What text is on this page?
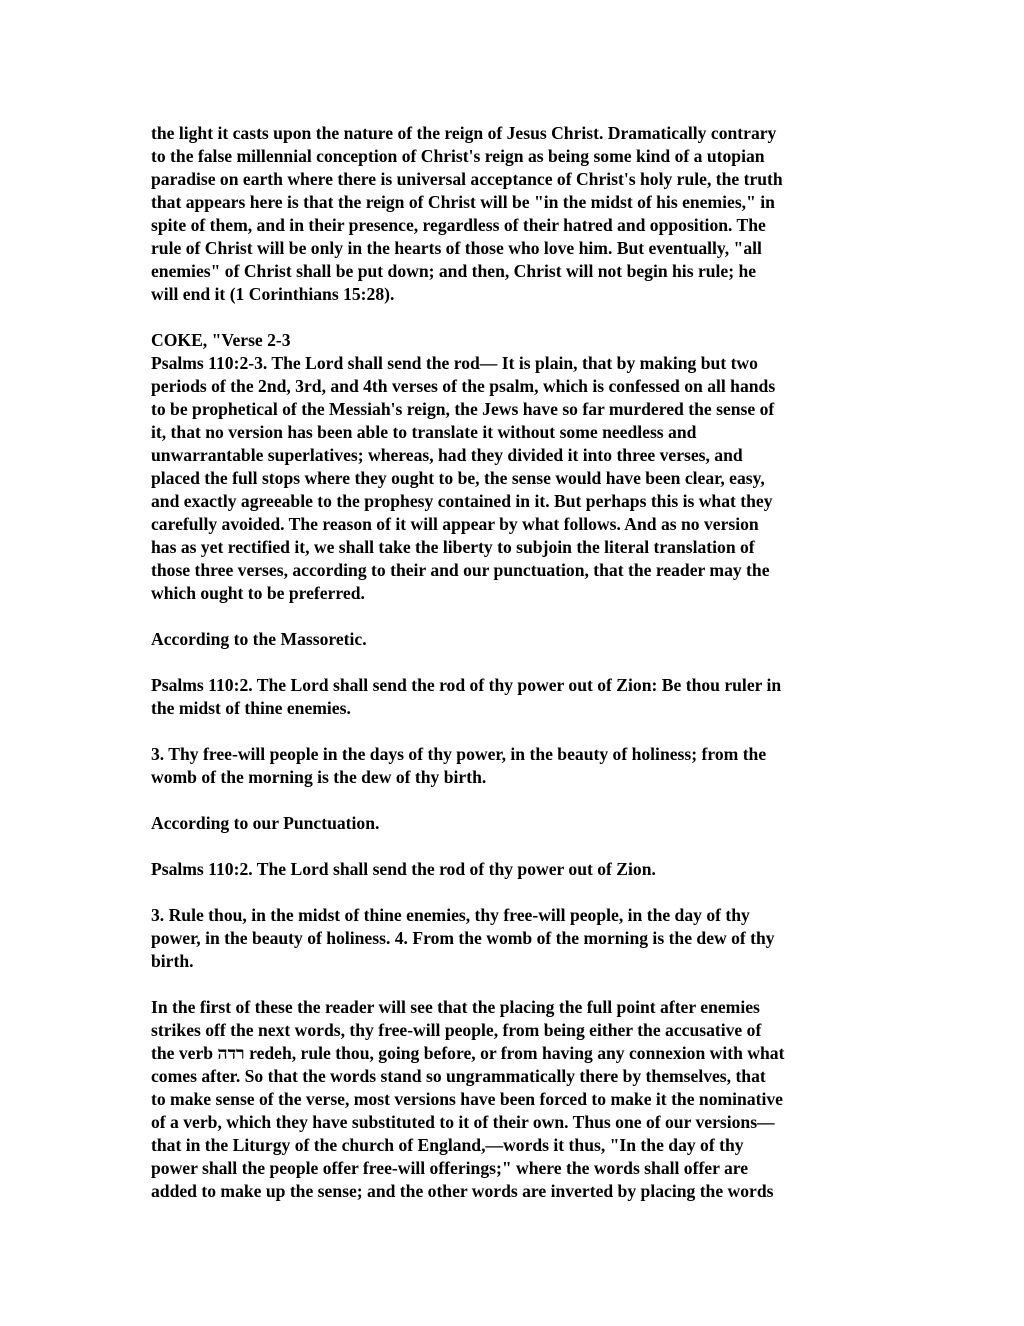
the light it casts upon the nature of the reign of Jesus Christ. Dramatically contrary
to the false millennial conception of Christ's reign as being some kind of a utopian
paradise on earth where there is universal acceptance of Christ's holy rule, the truth
that appears here is that the reign of Christ will be "in the midst of his enemies," in
spite of them, and in their presence, regardless of their hatred and opposition. The
rule of Christ will be only in the hearts of those who love him. But eventually, "all
enemies" of Christ shall be put down; and then, Christ will not begin his rule; he
will end it (1 Corinthians 15:28).
COKE, "Verse 2-3
Psalms 110:2-3. The Lord shall send the rod— It is plain, that by making but two
periods of the 2nd, 3rd, and 4th verses of the psalm, which is confessed on all hands
to be prophetical of the Messiah's reign, the Jews have so far murdered the sense of
it, that no version has been able to translate it without some needless and
unwarrantable superlatives; whereas, had they divided it into three verses, and
placed the full stops where they ought to be, the sense would have been clear, easy,
and exactly agreeable to the prophesy contained in it. But perhaps this is what they
carefully avoided. The reason of it will appear by what follows. And as no version
has as yet rectified it, we shall take the liberty to subjoin the literal translation of
those three verses, according to their and our punctuation, that the reader may the
which ought to be preferred.
According to the Massoretic.
Psalms 110:2. The Lord shall send the rod of thy power out of Zion: Be thou ruler in
the midst of thine enemies.
3. Thy free-will people in the days of thy power, in the beauty of holiness; from the
womb of the morning is the dew of thy birth.
According to our Punctuation.
Psalms 110:2. The Lord shall send the rod of thy power out of Zion.
3. Rule thou, in the midst of thine enemies, thy free-will people, in the day of thy
power, in the beauty of holiness. 4. From the womb of the morning is the dew of thy
birth.
In the first of these the reader will see that the placing the full point after enemies
strikes off the next words, thy free-will people, from being either the accusative of
the verb רדה redeh, rule thou, going before, or from having any connexion with what
comes after. So that the words stand so ungrammatically there by themselves, that
to make sense of the verse, most versions have been forced to make it the nominative
of a verb, which they have substituted to it of their own. Thus one of our versions—
that in the Liturgy of the church of England,—words it thus, "In the day of thy
power shall the people offer free-will offerings;" where the words shall offer are
added to make up the sense; and the other words are inverted by placing the words
